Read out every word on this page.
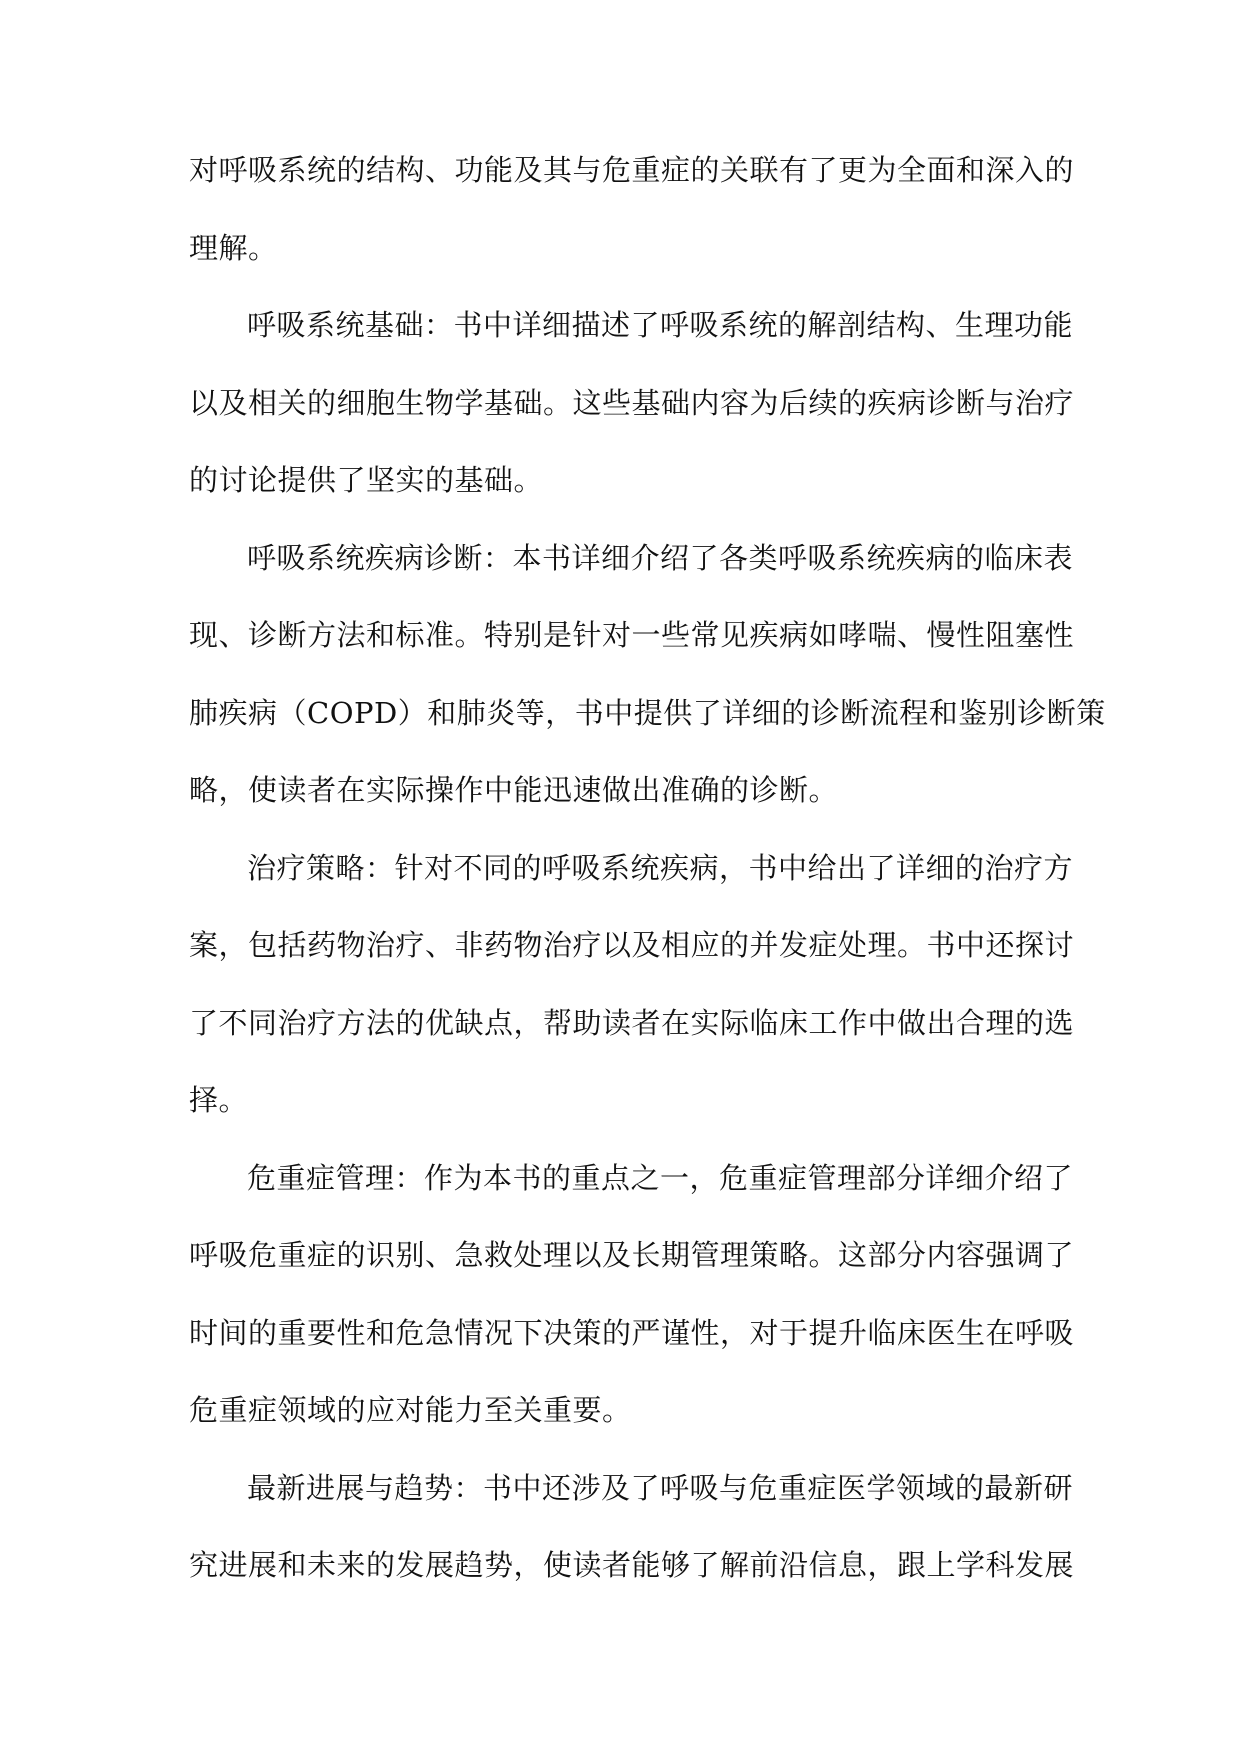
对呼吸系统的结构、功能及其与危重症的关联有了更为全面和深入的
理解。
呼吸系统基础：书中详细描述了呼吸系统的解剖结构、生理功能
以及相关的细胞生物学基础。这些基础内容为后续的疾病诊断与治疗
的讨论提供了坚实的基础。
呼吸系统疾病诊断：本书详细介绍了各类呼吸系统疾病的临床表
现、诊断方法和标准。特别是针对一些常见疾病如哮喘、慢性阻塞性
肺疾病（COPD）和肺炎等，书中提供了详细的诊断流程和鉴别诊断策
略，使读者在实际操作中能迅速做出准确的诊断。
治疗策略：针对不同的呼吸系统疾病，书中给出了详细的治疗方
案，包括药物治疗、非药物治疗以及相应的并发症处理。书中还探讨
了不同治疗方法的优缺点，帮助读者在实际临床工作中做出合理的选
择。
危重症管理：作为本书的重点之一，危重症管理部分详细介绍了
呼吸危重症的识别、急救处理以及长期管理策略。这部分内容强调了
时间的重要性和危急情况下决策的严谨性，对于提升临床医生在呼吸
危重症领域的应对能力至关重要。
最新进展与趋势：书中还涉及了呼吸与危重症医学领域的最新研
究进展和未来的发展趋势，使读者能够了解前沿信息，跟上学科发展
